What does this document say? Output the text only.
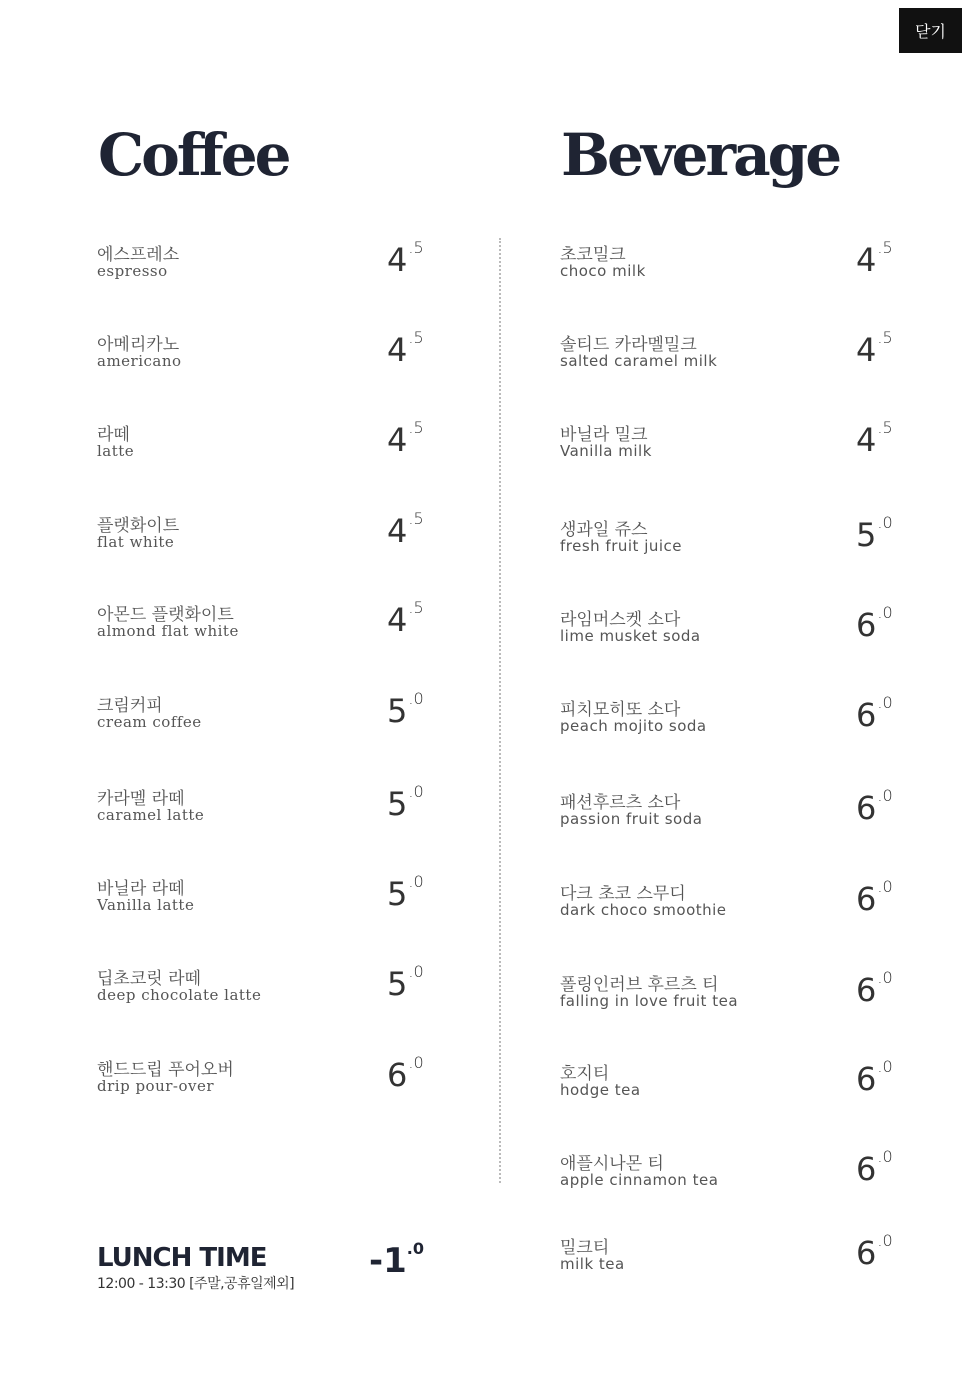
닫기
Coffee	Beverage
에스프레소
espresso	4.5
아메리카노
americano	4.5
라떼
latte	4.5
플랫화이트
flat white	4.5
아몬드 플랫화이트
almond flat white	4.5
크림커피
cream coffee	5.0
카라멜 라떼
caramel latte	5.0
바닐라 라떼
Vanilla latte	5.0
딥초코릿 라떼
deep chocolate latte	5.0
핸드드립 푸어오버
drip pour-over	6.0
초코밀크
choco milk	4.5
솔티드 카라멜밀크
salted caramel milk	4.5
바닐라 밀크
Vanilla milk	4.5
생과일 쥬스
fresh fruit juice	5.0
라임머스켓 소다
lime musket soda	6.0
피치모히또 소다
peach mojito soda	6.0
패션후르츠 소다
passion fruit soda	6.0
다크 초코 스무디
dark choco smoothie	6.0
폴링인러브 후르츠 티
falling in love fruit tea	6.0
호지티
hodge tea	6.0
애플시나몬 티
apple cinnamon tea	6.0
밀크티
milk tea	6.0
LUNCH TIME
12:00 - 13:30 [주말,공휴일제외]
-1.0
